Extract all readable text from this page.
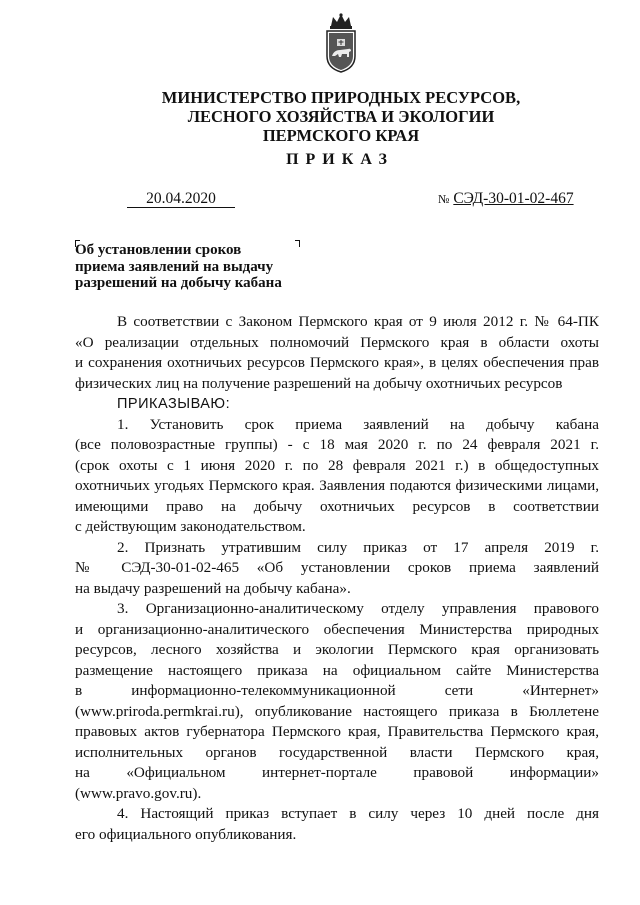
МИНИСТЕРСТВО ПРИРОДНЫХ РЕСУРСОВ,
ЛЕСНОГО ХОЗЯЙСТВА И ЭКОЛОГИИ
ПЕРМСКОГО КРАЯ
ПРИКАЗ
20.04.2020	№ СЭД-30-01-02-467
Об установлении сроков
приема заявлений на выдачу
разрешений на добычу кабана
В соответствии с Законом Пермского края от 9 июля 2012 г. № 64-ПК
«О реализации отдельных полномочий Пермского края в области охоты
и сохранения охотничьих ресурсов Пермского края», в целях обеспечения прав
физических лиц на получение разрешений на добычу охотничьих ресурсов
ПРИКАЗЫВАЮ:
1. Установить срок приема заявлений на добычу кабана
(все половозрастные группы) - с 18 мая 2020 г. по 24 февраля 2021 г.
(срок охоты с 1 июня 2020 г. по 28 февраля 2021 г.) в общедоступных
охотничьих угодьях Пермского края. Заявления подаются физическими лицами,
имеющими право на добычу охотничьих ресурсов в соответствии
с действующим законодательством.
2. Признать утратившим силу приказ от 17 апреля 2019 г.
№ СЭД-30-01-02-465 «Об установлении сроков приема заявлений
на выдачу разрешений на добычу кабана».
3. Организационно-аналитическому отделу управления правового
и организационно-аналитического обеспечения Министерства природных
ресурсов, лесного хозяйства и экологии Пермского края организовать
размещение настоящего приказа на официальном сайте Министерства
в информационно-телекоммуникационной сети «Интернет»
(www.priroda.permkrai.ru), опубликование настоящего приказа в Бюллетене
правовых актов губернатора Пермского края, Правительства Пермского края,
исполнительных органов государственной власти Пермского края,
на «Официальном интернет-портале правовой информации»
(www.pravo.gov.ru).
4. Настоящий приказ вступает в силу через 10 дней после дня
его официального опубликования.
